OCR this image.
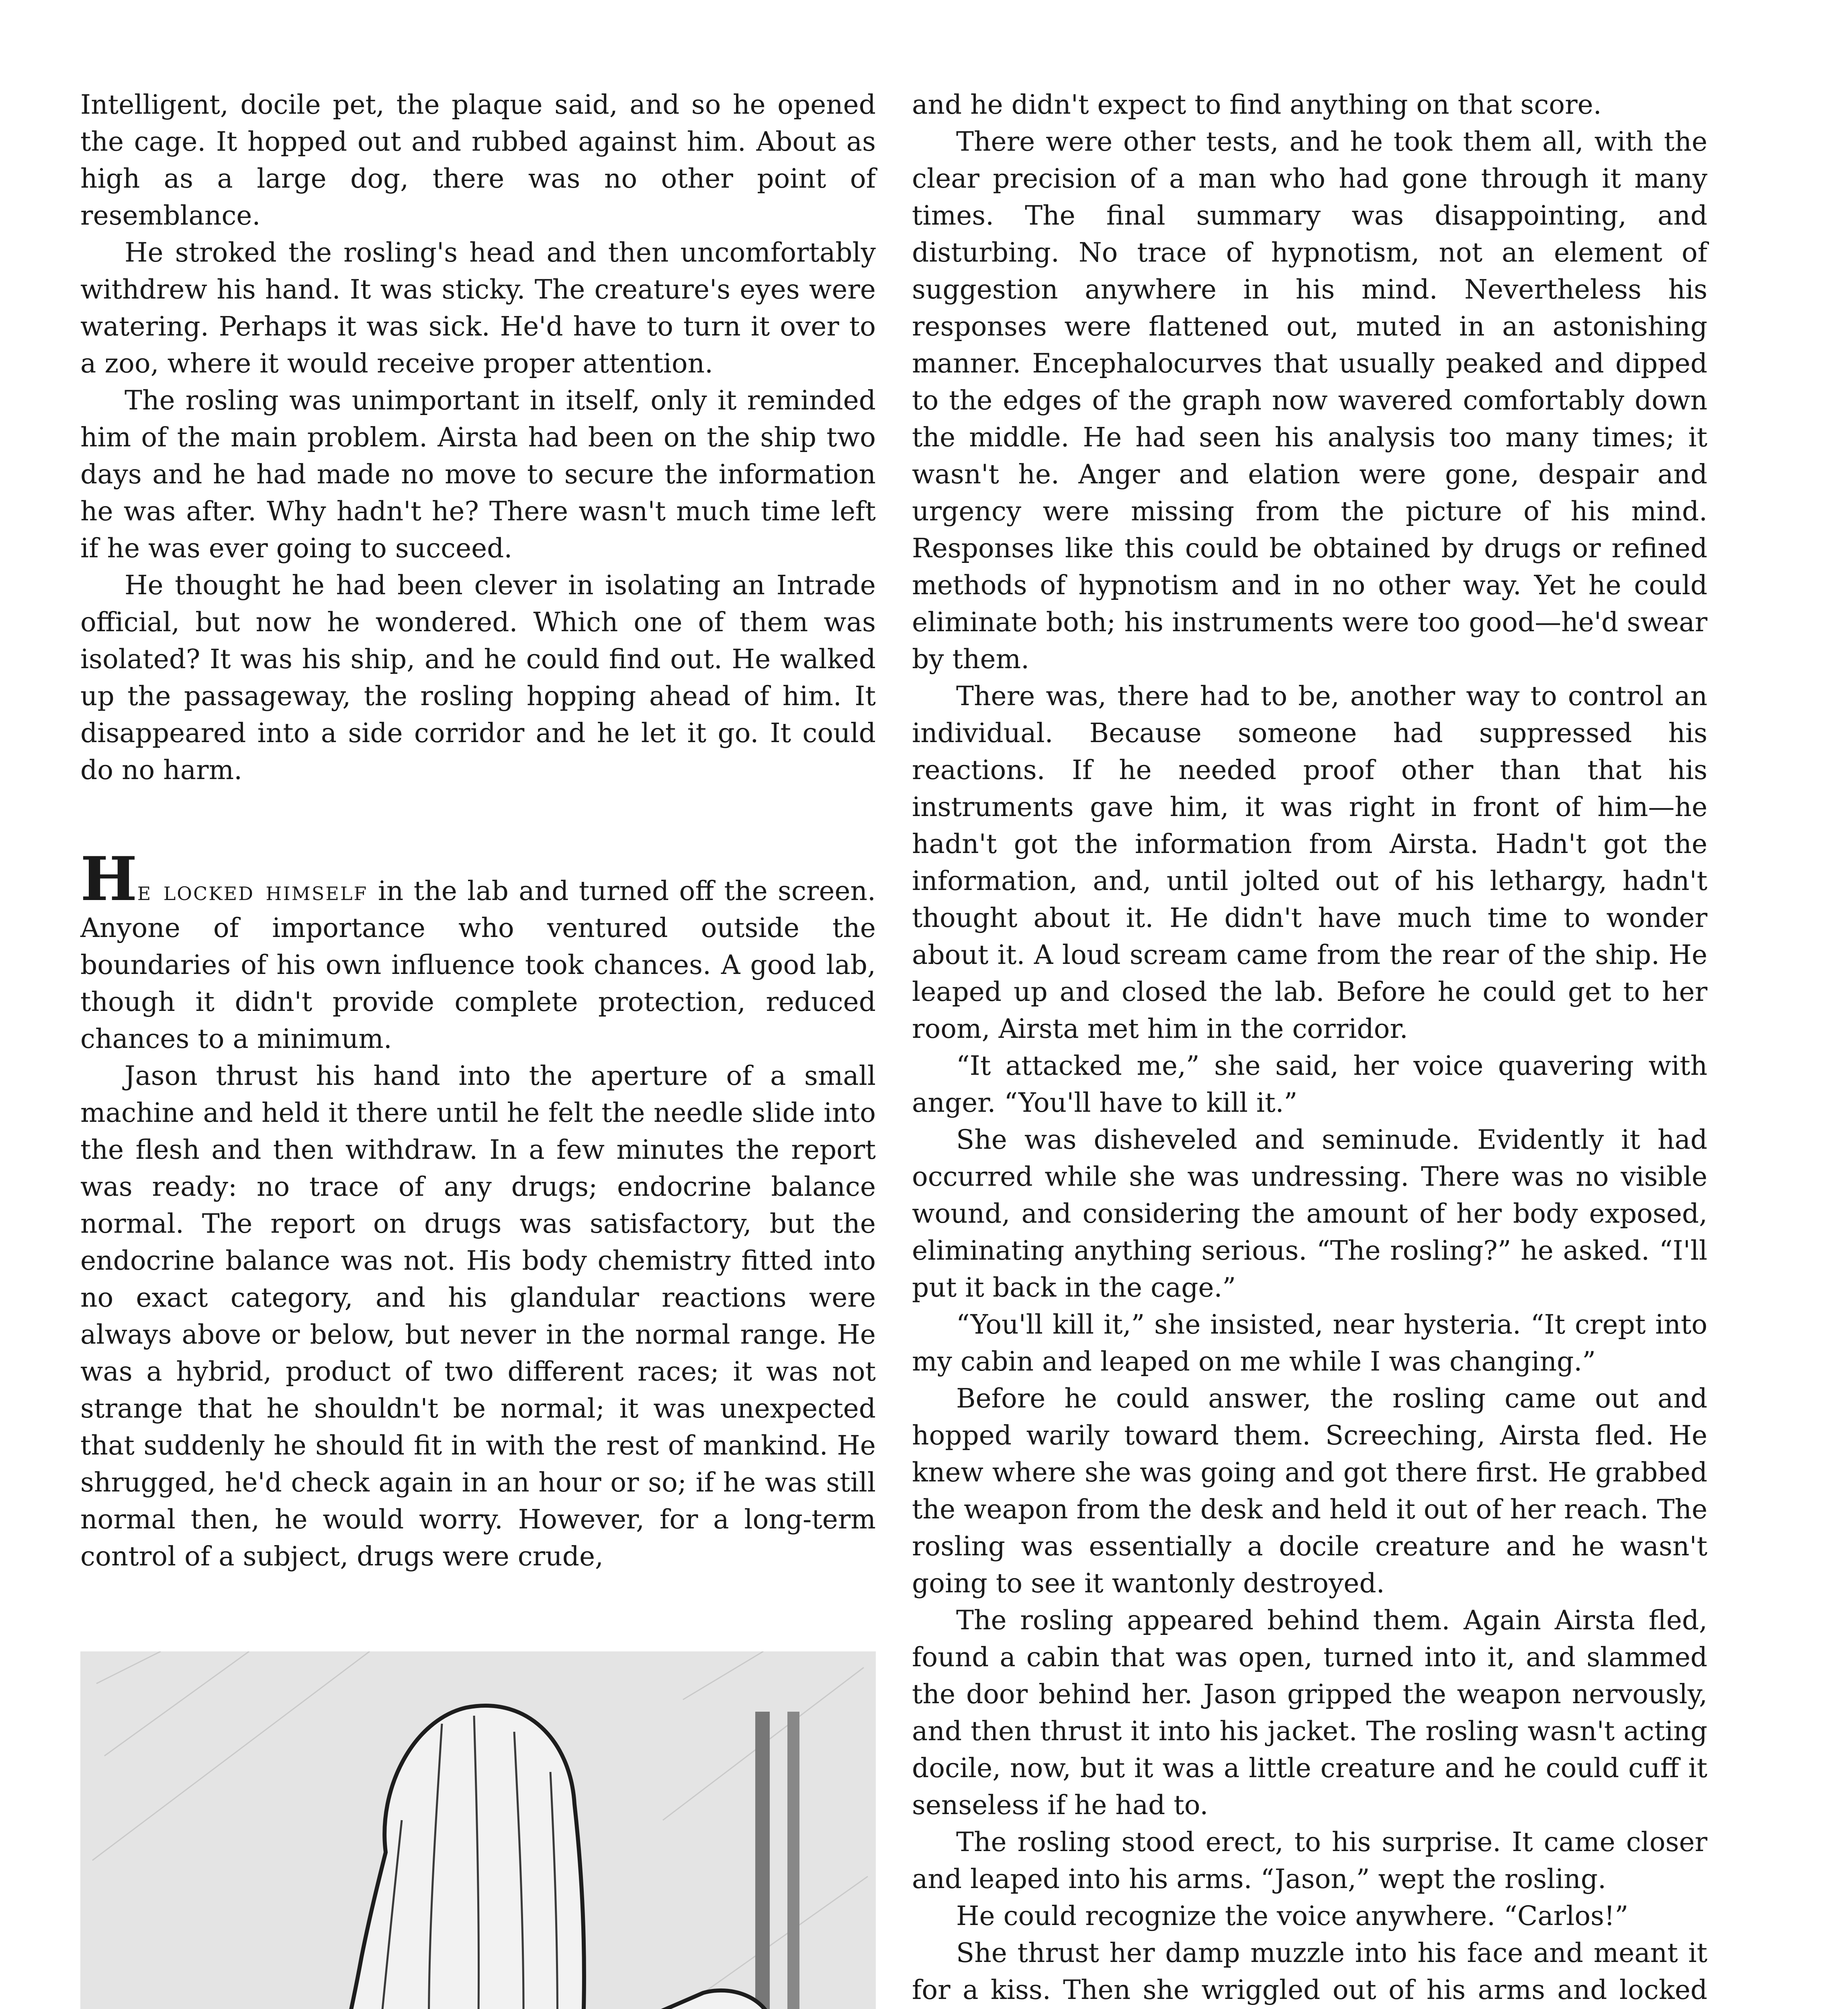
Intelligent, docile pet, the plaque said, and so he opened the cage. It hopped out and rubbed against him. About as high as a large dog, there was no other point of resemblance.

He stroked the rosling's head and then uncomfortably withdrew his hand. It was sticky. The creature's eyes were watering. Perhaps it was sick. He'd have to turn it over to a zoo, where it would receive proper attention.

The rosling was unimportant in itself, only it reminded him of the main problem. Airsta had been on the ship two days and he had made no move to secure the information he was after. Why hadn't he? There wasn't much time left if he was ever going to succeed.

He thought he had been clever in isolating an Intrade official, but now he wondered. Which one of them was isolated? It was his ship, and he could find out. He walked up the passageway, the rosling hopping ahead of him. It disappeared into a side corridor and he let it go. It could do no harm.

He locked himself in the lab and turned off the screen. Anyone of importance who ventured outside the boundaries of his own influence took chances. A good lab, though it didn't provide complete protection, reduced chances to a minimum.

Jason thrust his hand into the aperture of a small machine and held it there until he felt the needle slide into the flesh and then withdraw. In a few minutes the report was ready: no trace of any drugs; endocrine balance normal. The report on drugs was satisfactory, but the endocrine balance was not. His body chemistry fitted into no exact category, and his glandular reactions were always above or below, but never in the normal range. He was a hybrid, product of two different races; it was not strange that he shouldn't be normal; it was unexpected that suddenly he should fit in with the rest of mankind. He shrugged, he'd check again in an hour or so; if he was still normal then, he would worry. However, for a long-term control of a subject, drugs were crude,

and he didn't expect to find anything on that score.

There were other tests, and he took them all, with the clear precision of a man who had gone through it many times. The final summary was disappointing, and disturbing. No trace of hypnotism, not an element of suggestion anywhere in his mind. Nevertheless his responses were flattened out, muted in an astonishing manner. Encephalocurves that usually peaked and dipped to the edges of the graph now wavered comfortably down the middle. He had seen his analysis too many times; it wasn't he. Anger and elation were gone, despair and urgency were missing from the picture of his mind. Responses like this could be obtained by drugs or refined methods of hypnotism and in no other way. Yet he could eliminate both; his instruments were too good—he'd swear by them.

There was, there had to be, another way to control an individual. Because someone had suppressed his reactions. If he needed proof other than that his instruments gave him, it was right in front of him—he hadn't got the information from Airsta. Hadn't got the information, and, until jolted out of his lethargy, hadn't thought about it. He didn't have much time to wonder about it. A loud scream came from the rear of the ship. He leaped up and closed the lab. Before he could get to her room, Airsta met him in the corridor.

“It attacked me,” she said, her voice quavering with anger. “You'll have to kill it.”

She was disheveled and seminude. Evidently it had occurred while she was undressing. There was no visible wound, and considering the amount of her body exposed, eliminating anything serious. “The rosling?” he asked. “I'll put it back in the cage.”

“You'll kill it,” she insisted, near hysteria. “It crept into my cabin and leaped on me while I was changing.”

Before he could answer, the rosling came out and hopped warily toward them. Screeching, Airsta fled. He knew where she was going and got there first. He grabbed the weapon from the desk and held it out of her reach. The rosling was essentially a docile creature and he wasn't going to see it wantonly destroyed.

The rosling appeared behind them. Again Airsta fled, found a cabin that was open, turned into it, and slammed the door behind her. Jason gripped the weapon nervously, and then thrust it into his jacket. The rosling wasn't acting docile, now, but it was a little creature and he could cuff it senseless if he had to.

The rosling stood erect, to his surprise. It came closer and leaped into his arms. “Jason,” wept the rosling.

He could recognize the voice anywhere. “Carlos!”

She thrust her damp muzzle into his face and meant it for a kiss. Then she wriggled out of his arms and locked
